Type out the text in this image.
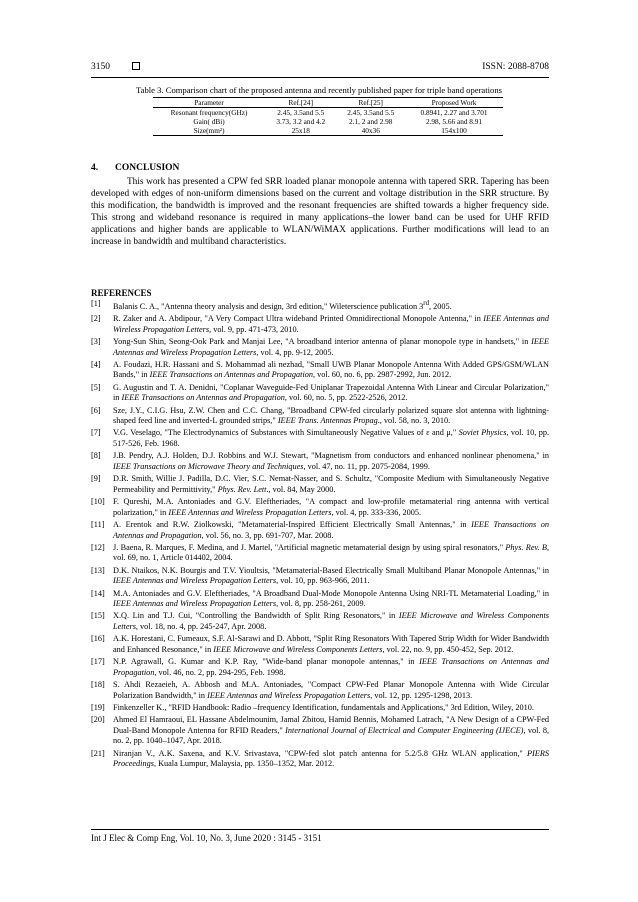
3150	ISSN: 2088-8708
Table 3. Comparison chart of the proposed antenna and recently published paper for triple band operations
Parameter	Ref.[24]	Ref.[25]	Proposed Work
Resonant frequency(GHz)	2.45, 3.5and 5.5	2.45, 3.5and 5.5	0.8941, 2.27 and 3.701
Gain( dBi)	3.73, 3.2 and 4.2	2.1, 2 and 2.98	2.98, 5.66 and 8.91
Size(mm²)	25x18	40x36	154x100
4. CONCLUSION
This work has presented a CPW fed SRR loaded planar monopole antenna with tapered SRR. Tapering has been developed with edges of non-uniform dimensions based on the current and voltage distribution in the SRR structure. By this modification, the bandwidth is improved and the resonant frequencies are shifted towards a higher frequency side. This strong and wideband resonance is required in many applications–the lower band can be used for UHF RFID applications and higher bands are applicable to WLAN/WiMAX applications. Further modifications will lead to an increase in bandwidth and multiband characteristics.
REFERENCES
[1]	Balanis C. A., "Antenna theory analysis and design, 3rd edition," Wileterscience publication 3rd, 2005.
[2]	R. Zaker and A. Abdipour, "A Very Compact Ultra wideband Printed Omnidirectional Monopole Antenna," in IEEE Antennas and Wireless Propagation Letters, vol. 9, pp. 471-473, 2010.
[3]	Yong-Sun Shin, Seong-Ook Park and Manjai Lee, "A broadband interior antenna of planar monopole type in handsets," in IEEE Antennas and Wireless Propagation Letters, vol. 4, pp. 9-12, 2005.
[4]	A. Foudazi, H.R. Hassani and S. Mohammad ali nezhad, "Small UWB Planar Monopole Antenna With Added GPS/GSM/WLAN Bands," in IEEE Transactions on Antennas and Propagation, vol. 60, no. 6, pp. 2987-2992, Jun. 2012.
[5]	G. Augustin and T. A. Denidni, "Coplanar Waveguide-Fed Uniplanar Trapezoidal Antenna With Linear and Circular Polarization," in IEEE Transactions on Antennas and Propagation, vol. 60, no. 5, pp. 2522-2526, 2012.
[6]	Sze, J.Y., C.I.G. Hsu, Z.W. Chen and C.C. Chang, "Broadband CPW-fed circularly polarized square slot antenna with lightning-shaped feed line and inverted-L grounded strips," IEEE Trans. Antennas Propag., vol. 58, no. 3, 2010.
[7]	V.G. Veselago, "The Electrodynamics of Substances with Simultaneously Negative Values of ε and μ," Soviet Physics, vol. 10, pp. 517-526, Feb. 1968.
[8]	J.B. Pendry, A.J. Holden, D.J. Robbins and W.J. Stewart, "Magnetism from conductors and enhanced nonlinear phenomena," in IEEE Transactions on Microwave Theory and Techniques, vol. 47, no. 11, pp. 2075-2084, 1999.
[9]	D.R. Smith, Willie J. Padilla, D.C. Vier, S.C. Nemat-Nasser, and S. Schultz, "Composite Medium with Simultaneously Negative Permeability and Permittivity," Phys. Rev. Lett., vol. 84, May 2000.
[10]	F. Qureshi, M.A. Antoniades and G.V. Eleftheriades, "A compact and low-profile metamaterial ring antenna with vertical polarization," in IEEE Antennas and Wireless Propagation Letters, vol. 4, pp. 333-336, 2005.
[11]	A. Erentok and R.W. Ziolkowski, "Metamaterial-Inspired Efficient Electrically Small Antennas," in IEEE Transactions on Antennas and Propagation, vol. 56, no. 3, pp. 691-707, Mar. 2008.
[12]	J. Baena, R. Marques, F. Medina, and J. Martel, "Artificial magnetic metamaterial design by using spiral resonators," Phys. Rev. B, vol. 69, no. 1, Article 014402, 2004.
[13]	D.K. Ntaikos, N.K. Bourgis and T.V. Yioultsis, "Metamaterial-Based Electrically Small Multiband Planar Monopole Antennas," in IEEE Antennas and Wireless Propagation Letters, vol. 10, pp. 963-966, 2011.
[14]	M.A. Antoniades and G.V. Eleftheriades, "A Broadband Dual-Mode Monopole Antenna Using NRI-TL Metamaterial Loading," in IEEE Antennas and Wireless Propagation Letters, vol. 8, pp. 258-261, 2009.
[15]	X.Q. Lin and T.J. Cui, "Controlling the Bandwidth of Split Ring Resonators," in IEEE Microwave and Wireless Components Letters, vol. 18, no. 4, pp. 245-247, Apr. 2008.
[16]	A.K. Horestani, C. Fumeaux, S.F. Al-Sarawi and D. Abbott, "Split Ring Resonators With Tapered Strip Width for Wider Bandwidth and Enhanced Resonance," in IEEE Microwave and Wireless Components Letters, vol. 22, no. 9, pp. 450-452, Sep. 2012.
[17]	N.P. Agrawall, G. Kumar and K.P. Ray, "Wide-band planar monopole antennas," in IEEE Transactions on Antennas and Propagation, vol. 46, no. 2, pp. 294-295, Feb. 1998.
[18]	S. Ahdi Rezaeieh, A. Abbosh and M.A. Antoniades, "Compact CPW-Fed Planar Monopole Antenna with Wide Circular Polarization Bandwidth," in IEEE Antennas and Wireless Propagation Letters, vol. 12, pp. 1295-1298, 2013.
[19]	Finkenzeller K., "RFID Handbook: Radio –frequency Identification, fundamentals and Applications," 3rd Edition, Wiley, 2010.
[20]	Ahmed El Hamraoui, EL Hassane Abdelmounim, Jamal Zbitou, Hamid Bennis, Mohamed Latrach, "A New Design of a CPW-Fed Dual-Band Monopole Antenna for RFID Readers," International Journal of Electrical and Computer Engineering (IJECE), vol. 8, no. 2, pp. 1040–1047, Apr. 2018.
[21]	Niranjan V., A.K. Saxena, and K.V. Srivastava, "CPW-fed slot patch antenna for 5.2/5.8 GHz WLAN application," PIERS Proceedings, Kuala Lumpur, Malaysia, pp. 1350–1352, Mar. 2012.
Int J Elec & Comp Eng, Vol. 10, No. 3, June 2020 : 3145 - 3151
